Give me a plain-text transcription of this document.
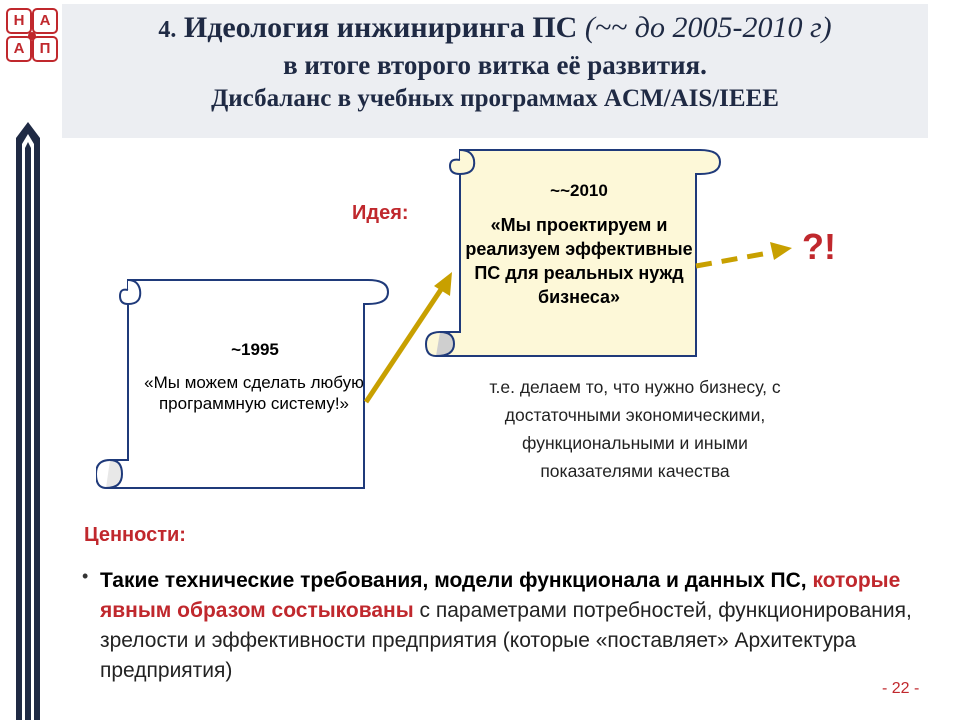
Н	А
А	П
4. Идеология инжиниринга ПС (~~ до 2005-2010 г)
в итоге второго витка её развития.
Дисбаланс в учебных программах ACM/AIS/IEEE
~1995
«Мы можем сделать любую программную систему!»
~~2010
«Мы проектируем и реализуем эффективные ПС для реальных нужд бизнеса»
Идея:
?!
т.е. делаем то, что нужно бизнесу, с достаточными экономическими, функциональными и иными показателями качества
Ценности:
• Такие технические требования, модели функционала и данных ПС, которые явным образом состыкованы с параметрами потребностей, функционирования, зрелости и эффективности предприятия (которые «поставляет» Архитектура предприятия)
- 22 -
